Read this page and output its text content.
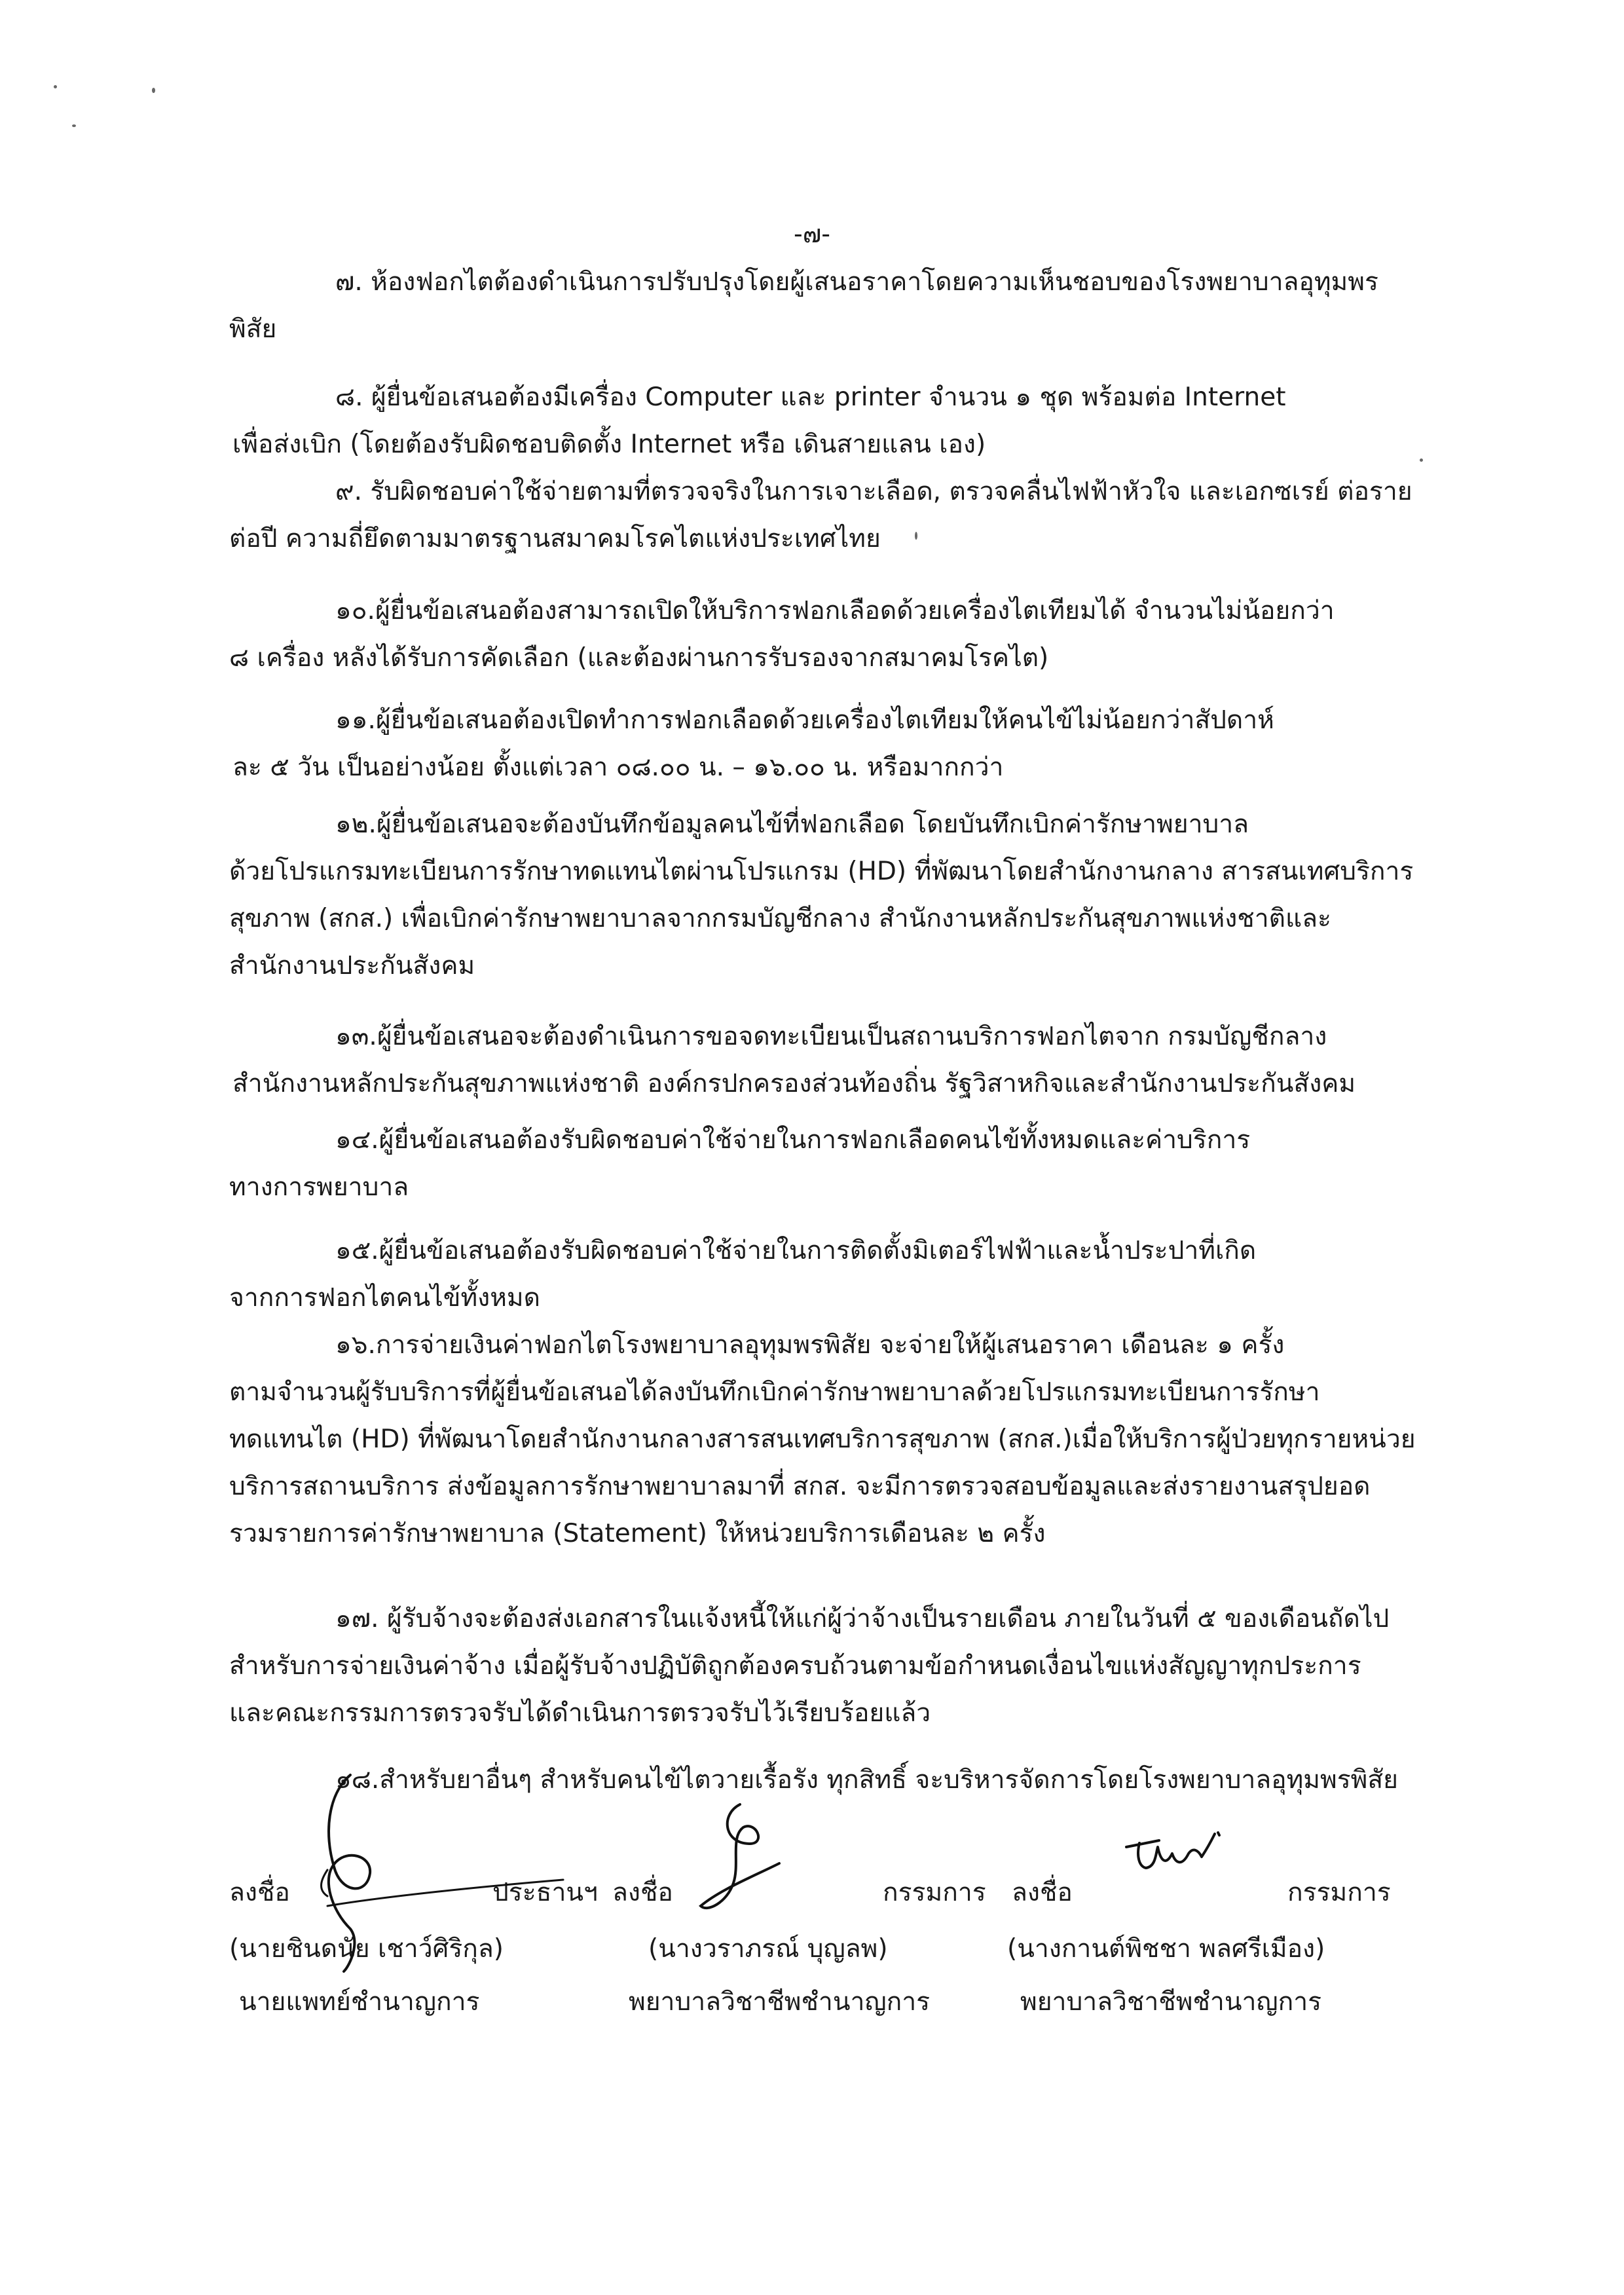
-๗-
๗. ห้องฟอกไตต้องดำเนินการปรับปรุงโดยผู้เสนอราคาโดยความเห็นชอบของโรงพยาบาลอุทุมพร
พิสัย
๘. ผู้ยื่นข้อเสนอต้องมีเครื่อง Computer และ printer จำนวน ๑ ชุด พร้อมต่อ Internet
เพื่อส่งเบิก (โดยต้องรับผิดชอบติดตั้ง Internet หรือ เดินสายแลน เอง)
๙. รับผิดชอบค่าใช้จ่ายตามที่ตรวจจริงในการเจาะเลือด, ตรวจคลื่นไฟฟ้าหัวใจ และเอกซเรย์ ต่อราย
ต่อปี ความถี่ยึดตามมาตรฐานสมาคมโรคไตแห่งประเทศไทย
๑๐.ผู้ยื่นข้อเสนอต้องสามารถเปิดให้บริการฟอกเลือดด้วยเครื่องไตเทียมได้ จำนวนไม่น้อยกว่า
๘ เครื่อง หลังได้รับการคัดเลือก (และต้องผ่านการรับรองจากสมาคมโรคไต)
๑๑.ผู้ยื่นข้อเสนอต้องเปิดทำการฟอกเลือดด้วยเครื่องไตเทียมให้คนไข้ไม่น้อยกว่าสัปดาห์
ละ ๕ วัน เป็นอย่างน้อย ตั้งแต่เวลา ๐๘.๐๐ น. – ๑๖.๐๐ น. หรือมากกว่า
๑๒.ผู้ยื่นข้อเสนอจะต้องบันทึกข้อมูลคนไข้ที่ฟอกเลือด โดยบันทึกเบิกค่ารักษาพยาบาล
ด้วยโปรแกรมทะเบียนการรักษาทดแทนไตผ่านโปรแกรม (HD) ที่พัฒนาโดยสำนักงานกลาง สารสนเทศบริการ
สุขภาพ (สกส.) เพื่อเบิกค่ารักษาพยาบาลจากกรมบัญชีกลาง สำนักงานหลักประกันสุขภาพแห่งชาติและ
สำนักงานประกันสังคม
๑๓.ผู้ยื่นข้อเสนอจะต้องดำเนินการขอจดทะเบียนเป็นสถานบริการฟอกไตจาก กรมบัญชีกลาง
สำนักงานหลักประกันสุขภาพแห่งชาติ องค์กรปกครองส่วนท้องถิ่น รัฐวิสาหกิจและสำนักงานประกันสังคม
๑๔.ผู้ยื่นข้อเสนอต้องรับผิดชอบค่าใช้จ่ายในการฟอกเลือดคนไข้ทั้งหมดและค่าบริการ
ทางการพยาบาล
๑๕.ผู้ยื่นข้อเสนอต้องรับผิดชอบค่าใช้จ่ายในการติดตั้งมิเตอร์ไฟฟ้าและน้ำประปาที่เกิด
จากการฟอกไตคนไข้ทั้งหมด
๑๖.การจ่ายเงินค่าฟอกไตโรงพยาบาลอุทุมพรพิสัย จะจ่ายให้ผู้เสนอราคา เดือนละ ๑ ครั้ง
ตามจำนวนผู้รับบริการที่ผู้ยื่นข้อเสนอได้ลงบันทึกเบิกค่ารักษาพยาบาลด้วยโปรแกรมทะเบียนการรักษา
ทดแทนไต (HD) ที่พัฒนาโดยสำนักงานกลางสารสนเทศบริการสุขภาพ (สกส.)เมื่อให้บริการผู้ป่วยทุกรายหน่วย
บริการสถานบริการ ส่งข้อมูลการรักษาพยาบาลมาที่ สกส. จะมีการตรวจสอบข้อมูลและส่งรายงานสรุปยอด
รวมรายการค่ารักษาพยาบาล (Statement) ให้หน่วยบริการเดือนละ ๒ ครั้ง
๑๗. ผู้รับจ้างจะต้องส่งเอกสารในแจ้งหนี้ให้แก่ผู้ว่าจ้างเป็นรายเดือน ภายในวันที่ ๕ ของเดือนถัดไป
สำหรับการจ่ายเงินค่าจ้าง เมื่อผู้รับจ้างปฏิบัติถูกต้องครบถ้วนตามข้อกำหนดเงื่อนไขแห่งสัญญาทุกประการ
และคณะกรรมการตรวจรับได้ดำเนินการตรวจรับไว้เรียบร้อยแล้ว
๑๘.สำหรับยาอื่นๆ สำหรับคนไข้ไตวายเรื้อรัง ทุกสิทธิ์ จะบริหารจัดการโดยโรงพยาบาลอุทุมพรพิสัย
ลงชื่อ	ประธานฯ ลงชื่อ	กรรมการ ลงชื่อ	กรรมการ
(นายชินดนัย เชาว์ศิริกุล)	(นางวราภรณ์ บุญลพ)	(นางกานต์พิชชา พลศรีเมือง)
นายแพทย์ชำนาญการ	พยาบาลวิชาชีพชำนาญการ	พยาบาลวิชาชีพชำนาญการ
